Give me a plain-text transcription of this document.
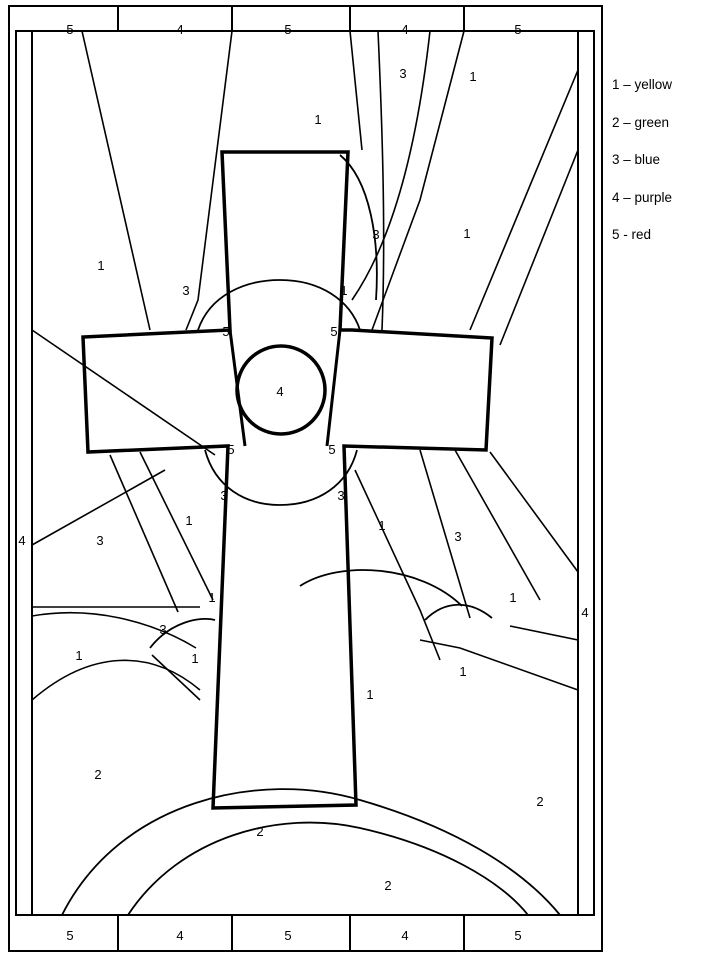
5	4	5	4	5
5	4	5	4	5
4
4
3	1
1
3	1
1
3	1
5	5
4
5	5
3	3
3
1	1
3
1
1
3
1	1
1
1
2
2
2
2
1 – yellow
2 – green
3 – blue
4 – purple
5 - red
